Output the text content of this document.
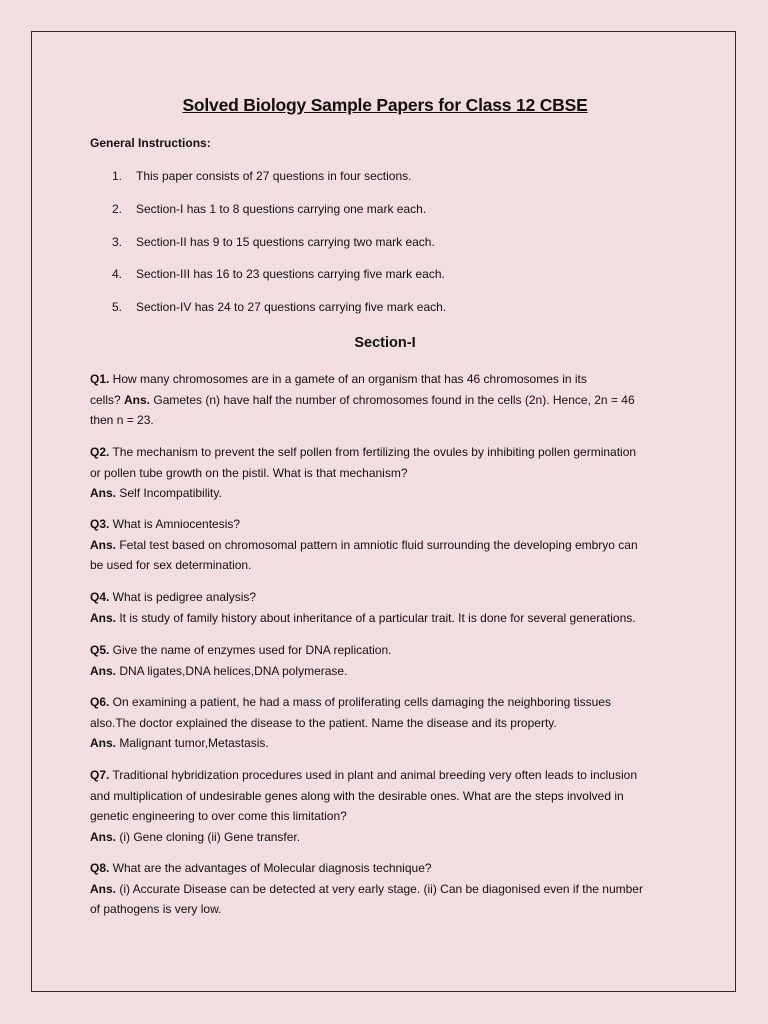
Solved Biology Sample Papers for Class 12 CBSE
General Instructions:
1. This paper consists of 27 questions in four sections.
2. Section-I has 1 to 8 questions carrying one mark each.
3. Section-II has 9 to 15 questions carrying two mark each.
4. Section-III has 16 to 23 questions carrying five mark each.
5. Section-IV has 24 to 27 questions carrying five mark each.
Section-I
Q1. How many chromosomes are in a gamete of an organism that has 46 chromosomes in its
cells? Ans. Gametes (n) have half the number of chromosomes found in the cells (2n). Hence, 2n = 46
then n = 23.
Q2. The mechanism to prevent the self pollen from fertilizing the ovules by inhibiting pollen germination
or pollen tube growth on the pistil. What is that mechanism?
Ans. Self Incompatibility.
Q3. What is Amniocentesis?
Ans. Fetal test based on chromosomal pattern in amniotic fluid surrounding the developing embryo can
be used for sex determination.
Q4. What is pedigree analysis?
Ans. It is study of family history about inheritance of a particular trait. It is done for several generations.
Q5. Give the name of enzymes used for DNA replication.
Ans. DNA ligates,DNA helices,DNA polymerase.
Q6. On examining a patient, he had a mass of proliferating cells damaging the neighboring tissues
also.The doctor explained the disease to the patient. Name the disease and its property.
Ans. Malignant tumor,Metastasis.
Q7. Traditional hybridization procedures used in plant and animal breeding very often leads to inclusion
and multiplication of undesirable genes along with the desirable ones. What are the steps involved in
genetic engineering to over come this limitation?
Ans. (i) Gene cloning (ii) Gene transfer.
Q8. What are the advantages of Molecular diagnosis technique?
Ans. (i) Accurate Disease can be detected at very early stage. (ii) Can be diagonised even if the number
of pathogens is very low.
